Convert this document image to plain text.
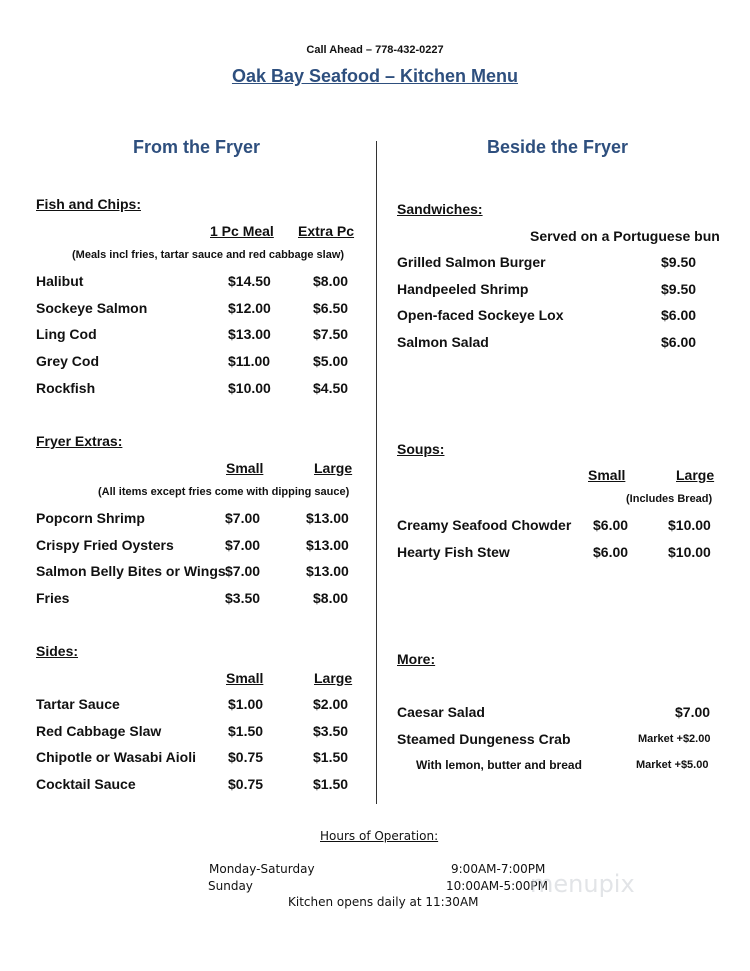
Call Ahead – 778-432-0227
Oak Bay Seafood – Kitchen Menu
From the Fryer	Beside the Fryer
Fish and Chips:
1 Pc Meal Extra Pc
(Meals incl fries, tartar sauce and red cabbage slaw)
Halibut	$14.50	$8.00
Sockeye Salmon	$12.00	$6.50
Ling Cod	$13.00	$7.50
Grey Cod	$11.00	$5.00
Rockfish	$10.00	$4.50
Fryer Extras:
Small	Large
(All items except fries come with dipping sauce)
Popcorn Shrimp	$7.00	$13.00
Crispy Fried Oysters	$7.00	$13.00
Salmon Belly Bites or Wings $7.00	$13.00
Fries	$3.50	$8.00
Sides:
Small	Large
Tartar Sauce	$1.00	$2.00
Red Cabbage Slaw	$1.50	$3.50
Chipotle or Wasabi Aioli $0.75	$1.50
Cocktail Sauce	$0.75	$1.50
Sandwiches:
Served on a Portuguese bun
Grilled Salmon Burger	$9.50
Handpeeled Shrimp	$9.50
Open-faced Sockeye Lox	$6.00
Salmon Salad	$6.00
Soups:
Small	Large
(Includes Bread)
Creamy Seafood Chowder $6.00	$10.00
Hearty Fish Stew	$6.00	$10.00
More:
Caesar Salad	$7.00
Steamed Dungeness Crab	Market +$2.00
With lemon, butter and bread	Market +$5.00
Hours of Operation:
Monday-Saturday	9:00AM-7:00PM
Sunday	10:00AM-5:00PM
Kitchen opens daily at 11:30AM
menupix
